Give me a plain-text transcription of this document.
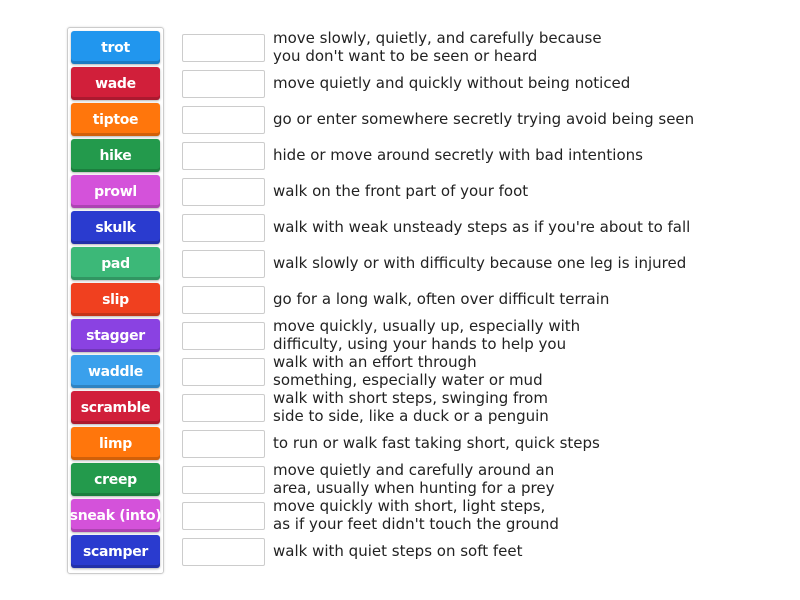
trot
wade
tiptoe
hike
prowl
skulk
pad
slip
stagger
waddle
scramble
limp
creep
sneak (into)
scamper
move slowly, quietly, and carefully because
you don't want to be seen or heard
move quietly and quickly without being noticed
go or enter somewhere secretly trying avoid being seen
hide or move around secretly with bad intentions
walk on the front part of your foot
walk with weak unsteady steps as if you're about to fall
walk slowly or with difficulty because one leg is injured
go for a long walk, often over difficult terrain
move quickly, usually up, especially with
difficulty, using your hands to help you
walk with an effort through
something, especially water or mud
walk with short steps, swinging from
side to side, like a duck or a penguin
to run or walk fast taking short, quick steps
move quietly and carefully around an
area, usually when hunting for a prey
move quickly with short, light steps,
as if your feet didn't touch the ground
walk with quiet steps on soft feet
